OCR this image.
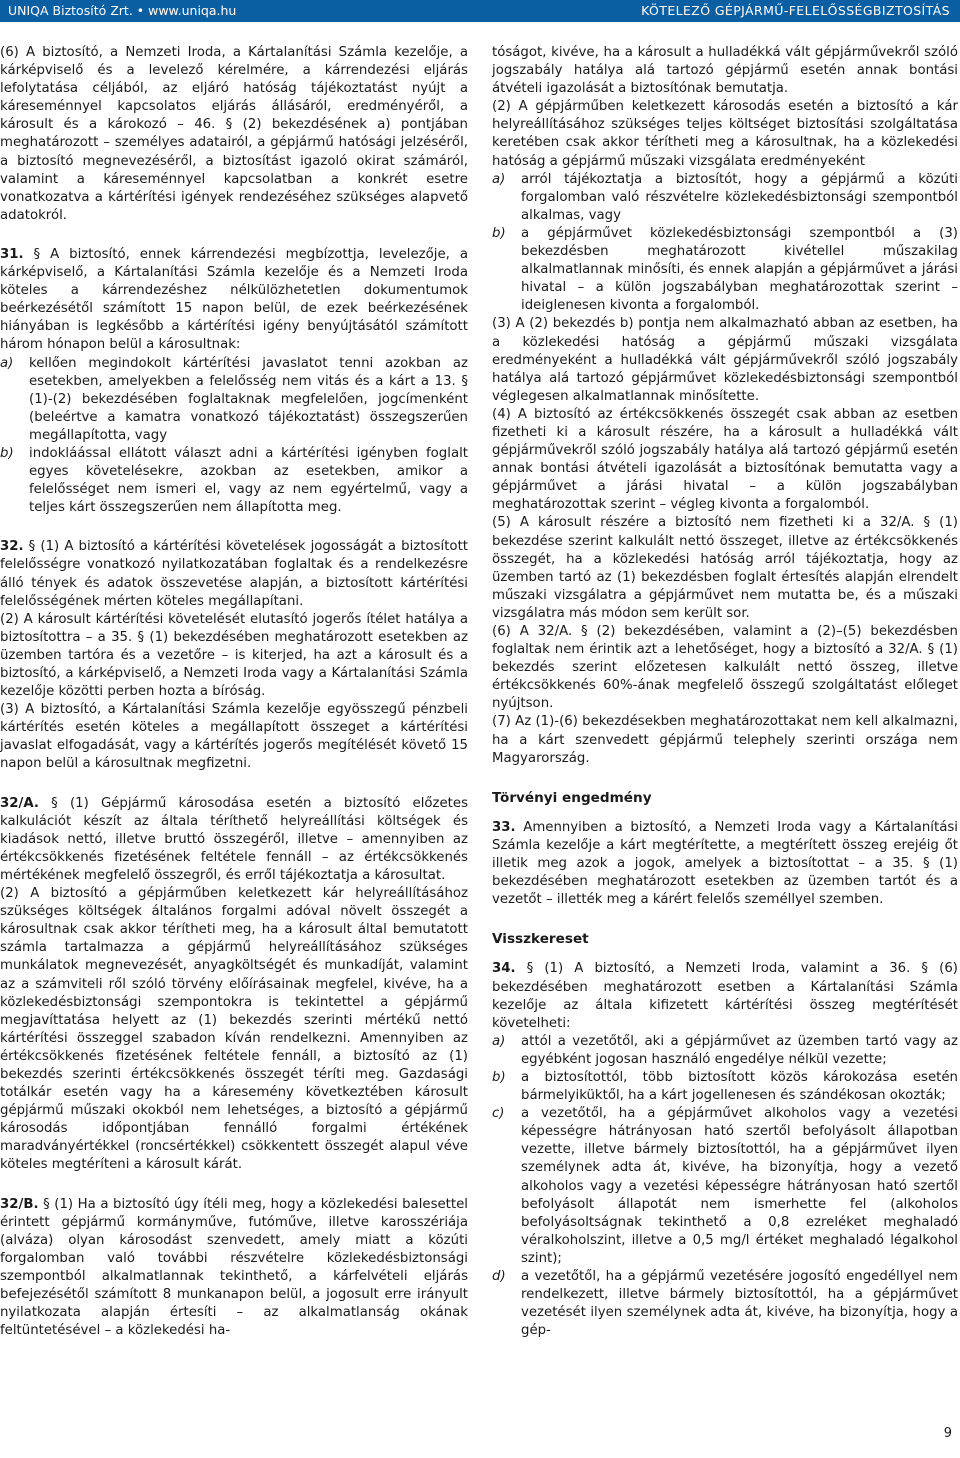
UNIQA Biztosító Zrt. • www.uniqa.hu	KÖTELEZŐ GÉPJÁRMŰ-FELELŐSSÉGBIZTOSÍTÁS

(6) A biztosító, a Nemzeti Iroda, a Kártalanítási Számla kezelője, a kárképviselő és a levelező kérelmére, a kárrendezési eljárás lefolytatása céljából, az eljáró hatóság tájékoztatást nyújt a káreseménnyel kapcsolatos eljárás állásáról, eredményéről, a károsult és a károkozó – 46. § (2) bekezdésének a) pontjában meghatározott – személyes adatairól, a gépjármű hatósági jelzéséről, a biztosító megnevezéséről, a biztosítást igazoló okirat számáról, valamint a káreseménnyel kapcsolatban a konkrét esetre vonatkozatva a kártérítési igények rendezéséhez szükséges alapvető adatokról.

31. § A biztosító, ennek kárrendezési megbízottja, levelezője, a kárképviselő, a Kártalanítási Számla kezelője és a Nemzeti Iroda köteles a kárrendezéshez nélkülözhetetlen dokumentumok beérkezésétől számított 15 napon belül, de ezek beérkezésének hiányában is legkésőbb a kártérítési igény benyújtásától számított három hónapon belül a károsultnak:

a) kellően megindokolt kártérítési javaslatot tenni azokban az esetekben, amelyekben a felelősség nem vitás és a kárt a 13. § (1)-(2) bekezdésében foglaltaknak megfelelően, jogcímenként (beleértve a kamatra vonatkozó tájékoztatást) összegszerűen megállapította, vagy
b) indokláással ellátott választ adni a kártérítési igényben foglalt egyes követelésekre, azokban az esetekben, amikor a felelősséget nem ismeri el, vagy az nem egyértelmű, vagy a teljes kárt összegszerűen nem állapította meg.

32. § (1) A biztosító a kártérítési követelések jogosságát a biztosított felelősségre vonatkozó nyilatkozatában foglaltak és a rendelkezésre álló tények és adatok összevetése alapján, a biztosított kártérítési felelősségének mérten köteles megállapítani.

(2) A károsult kártérítési követelését elutasító jogerős ítélet hatálya a biztosítottra – a 35. § (1) bekezdésében meghatározott esetekben az üzemben tartóra és a vezetőre – is kiterjed, ha azt a károsult és a biztosító, a kárképviselő, a Nemzeti Iroda vagy a Kártalanítási Számla kezelője közötti perben hozta a bíróság.

(3) A biztosító, a Kártalanítási Számla kezelője egyösszegű pénzbeli kártérítés esetén köteles a megállapított összeget a kártérítési javaslat elfogadását, vagy a kártérítés jogerős megítélését követő 15 napon belül a károsultnak megfizetni.

32/A. § (1) Gépjármű károsodása esetén a biztosító előzetes kalkulációt készít az általa téríthető helyreállítási költségek és kiadások nettó, illetve bruttó összegéről, illetve – amennyiben az értékcsökkenés fizetésének feltétele fennáll – az értékcsökkenés mértékének megfelelő összegről, és erről tájékoztatja a károsultat.

(2) A biztosító a gépjárműben keletkezett kár helyreállításához szükséges költségek általános forgalmi adóval növelt összegét a károsultnak csak akkor térítheti meg, ha a károsult által bemutatott számla tartalmazza a gépjármű helyreállításához szükséges munkálatok megnevezését, anyagköltségét és munkadíját, valamint az a számviteli ről szóló törvény előírásainak megfelel, kivéve, ha a közlekedésbiztonsági szempontokra is tekintettel a gépjármű megjavíttatása helyett az (1) bekezdés szerinti mértékű nettó kártérítési összeggel szabadon kíván rendelkezni. Amennyiben az értékcsökkenés fizetésének feltétele fennáll, a biztosító az (1) bekezdés szerinti értékcsökkenés összegét téríti meg. Gazdasági totálkár esetén vagy ha a káresemény következtében károsult gépjármű műszaki okokból nem lehetséges, a biztosító a gépjármű károsodás időpontjában fennálló forgalmi értékének maradványértékkel (roncsértékkel) csökkentett összegét alapul véve köteles megtéríteni a károsult kárát.

32/B. § (1) Ha a biztosító úgy ítéli meg, hogy a közlekedési balesettel érintett gépjármű kormányműve, futóműve, illetve karosszériája (alváza) olyan károsodást szenvedett, amely miatt a közúti forgalomban való további részvételre közlekedésbiztonsági szempontból alkalmatlannak tekinthető, a kárfelvételi eljárás befejezésétől számított 8 munkanapon belül, a jogosult erre irányult nyilatkozata alapján értesíti – az alkalmatlanság okának feltüntetésével – a közlekedési ha-

tóságot, kivéve, ha a károsult a hulladékká vált gépjárművekről szóló jogszabály hatálya alá tartozó gépjármű esetén annak bontási átvételi igazolását a biztosítónak bemutatja.

(2) A gépjárműben keletkezett károsodás esetén a biztosító a kár helyreállításához szükséges teljes költséget biztosítási szolgáltatása keretében csak akkor térítheti meg a károsultnak, ha a közlekedési hatóság a gépjármű műszaki vizsgálata eredményeként

a) arról tájékoztatja a biztosítót, hogy a gépjármű a közúti forgalomban való részvételre közlekedésbiztonsági szempontból alkalmas, vagy
b) a gépjárművet közlekedésbiztonsági szempontból a (3) bekezdésben meghatározott kivétellel műszakilag alkalmatlannak minősíti, és ennek alapján a gépjárművet a járási hivatal – a külön jogszabályban meghatározottak szerint – ideiglenesen kivonta a forgalomból.

(3) A (2) bekezdés b) pontja nem alkalmazható abban az esetben, ha a közlekedési hatóság a gépjármű műszaki vizsgálata eredményeként a hulladékká vált gépjárművekről szóló jogszabály hatálya alá tartozó gépjárművet közlekedésbiztonsági szempontból véglegesen alkalmatlannak minősítette.

(4) A biztosító az értékcsökkenés összegét csak abban az esetben fizetheti ki a károsult részére, ha a károsult a hulladékká vált gépjárművekről szóló jogszabály hatálya alá tartozó gépjármű esetén annak bontási átvételi igazolását a biztosítónak bemutatta vagy a gépjárművet a járási hivatal – a külön jogszabályban meghatározottak szerint – végleg kivonta a forgalomból.

(5) A károsult részére a biztosító nem fizetheti ki a 32/A. § (1) bekezdése szerint kalkulált nettó összeget, illetve az értékcsökkenés összegét, ha a közlekedési hatóság arról tájékoztatja, hogy az üzemben tartó az (1) bekezdésben foglalt értesítés alapján elrendelt műszaki vizsgálatra a gépjárművet nem mutatta be, és a műszaki vizsgálatra más módon sem került sor.

(6) A 32/A. § (2) bekezdésében, valamint a (2)–(5) bekezdésben foglaltak nem érintik azt a lehetőséget, hogy a biztosító a 32/A. § (1) bekezdés szerint előzetesen kalkulált nettó összeg, illetve értékcsökkenés 60%-ának megfelelő összegű szolgáltatást előleget nyújtson.

(7) Az (1)-(6) bekezdésekben meghatározottakat nem kell alkalmazni, ha a kárt szenvedett gépjármű telephely szerinti országa nem Magyarország.

Törvényi engedmény

33. Amennyiben a biztosító, a Nemzeti Iroda vagy a Kártalanítási Számla kezelője a kárt megtérítette, a megtérített összeg erejéig őt illetik meg azok a jogok, amelyek a biztosítottat – a 35. § (1) bekezdésében meghatározott esetekben az üzemben tartót és a vezetőt – illették meg a kárért felelős személlyel szemben.

Visszkereset

34. § (1) A biztosító, a Nemzeti Iroda, valamint a 36. § (6) bekezdésében meghatározott esetben a Kártalanítási Számla kezelője az általa kifizetett kártérítési összeg megtérítését követelheti:

a) attól a vezetőtől, aki a gépjárművet az üzemben tartó vagy az egyébként jogosan használó engedélye nélkül vezette;
b) a biztosítottól, több biztosított közös károkozása esetén bármelyiküktől, ha a kárt jogellenesen és szándékosan okozták;
c) a vezetőtől, ha a gépjárművet alkoholos vagy a vezetési képességre hátrányosan ható szertől befolyásolt állapotban vezette, illetve bármely biztosítottól, ha a gépjárművet ilyen személynek adta át, kivéve, ha bizonyítja, hogy a vezető alkoholos vagy a vezetési képességre hátrányosan ható szertől befolyásolt állapotát nem ismerhette fel (alkoholos befolyásoltságnak tekinthető a 0,8 ezreléket meghaladó véralkoholszint, illetve a 0,5 mg/l értéket meghaladó légalkohol szint);
d) a vezetőtől, ha a gépjármű vezetésére jogosító engedéllyel nem rendelkezett, illetve bármely biztosítottól, ha a gépjárművet vezetését ilyen személynek adta át, kivéve, ha bizonyítja, hogy a gép-
9
